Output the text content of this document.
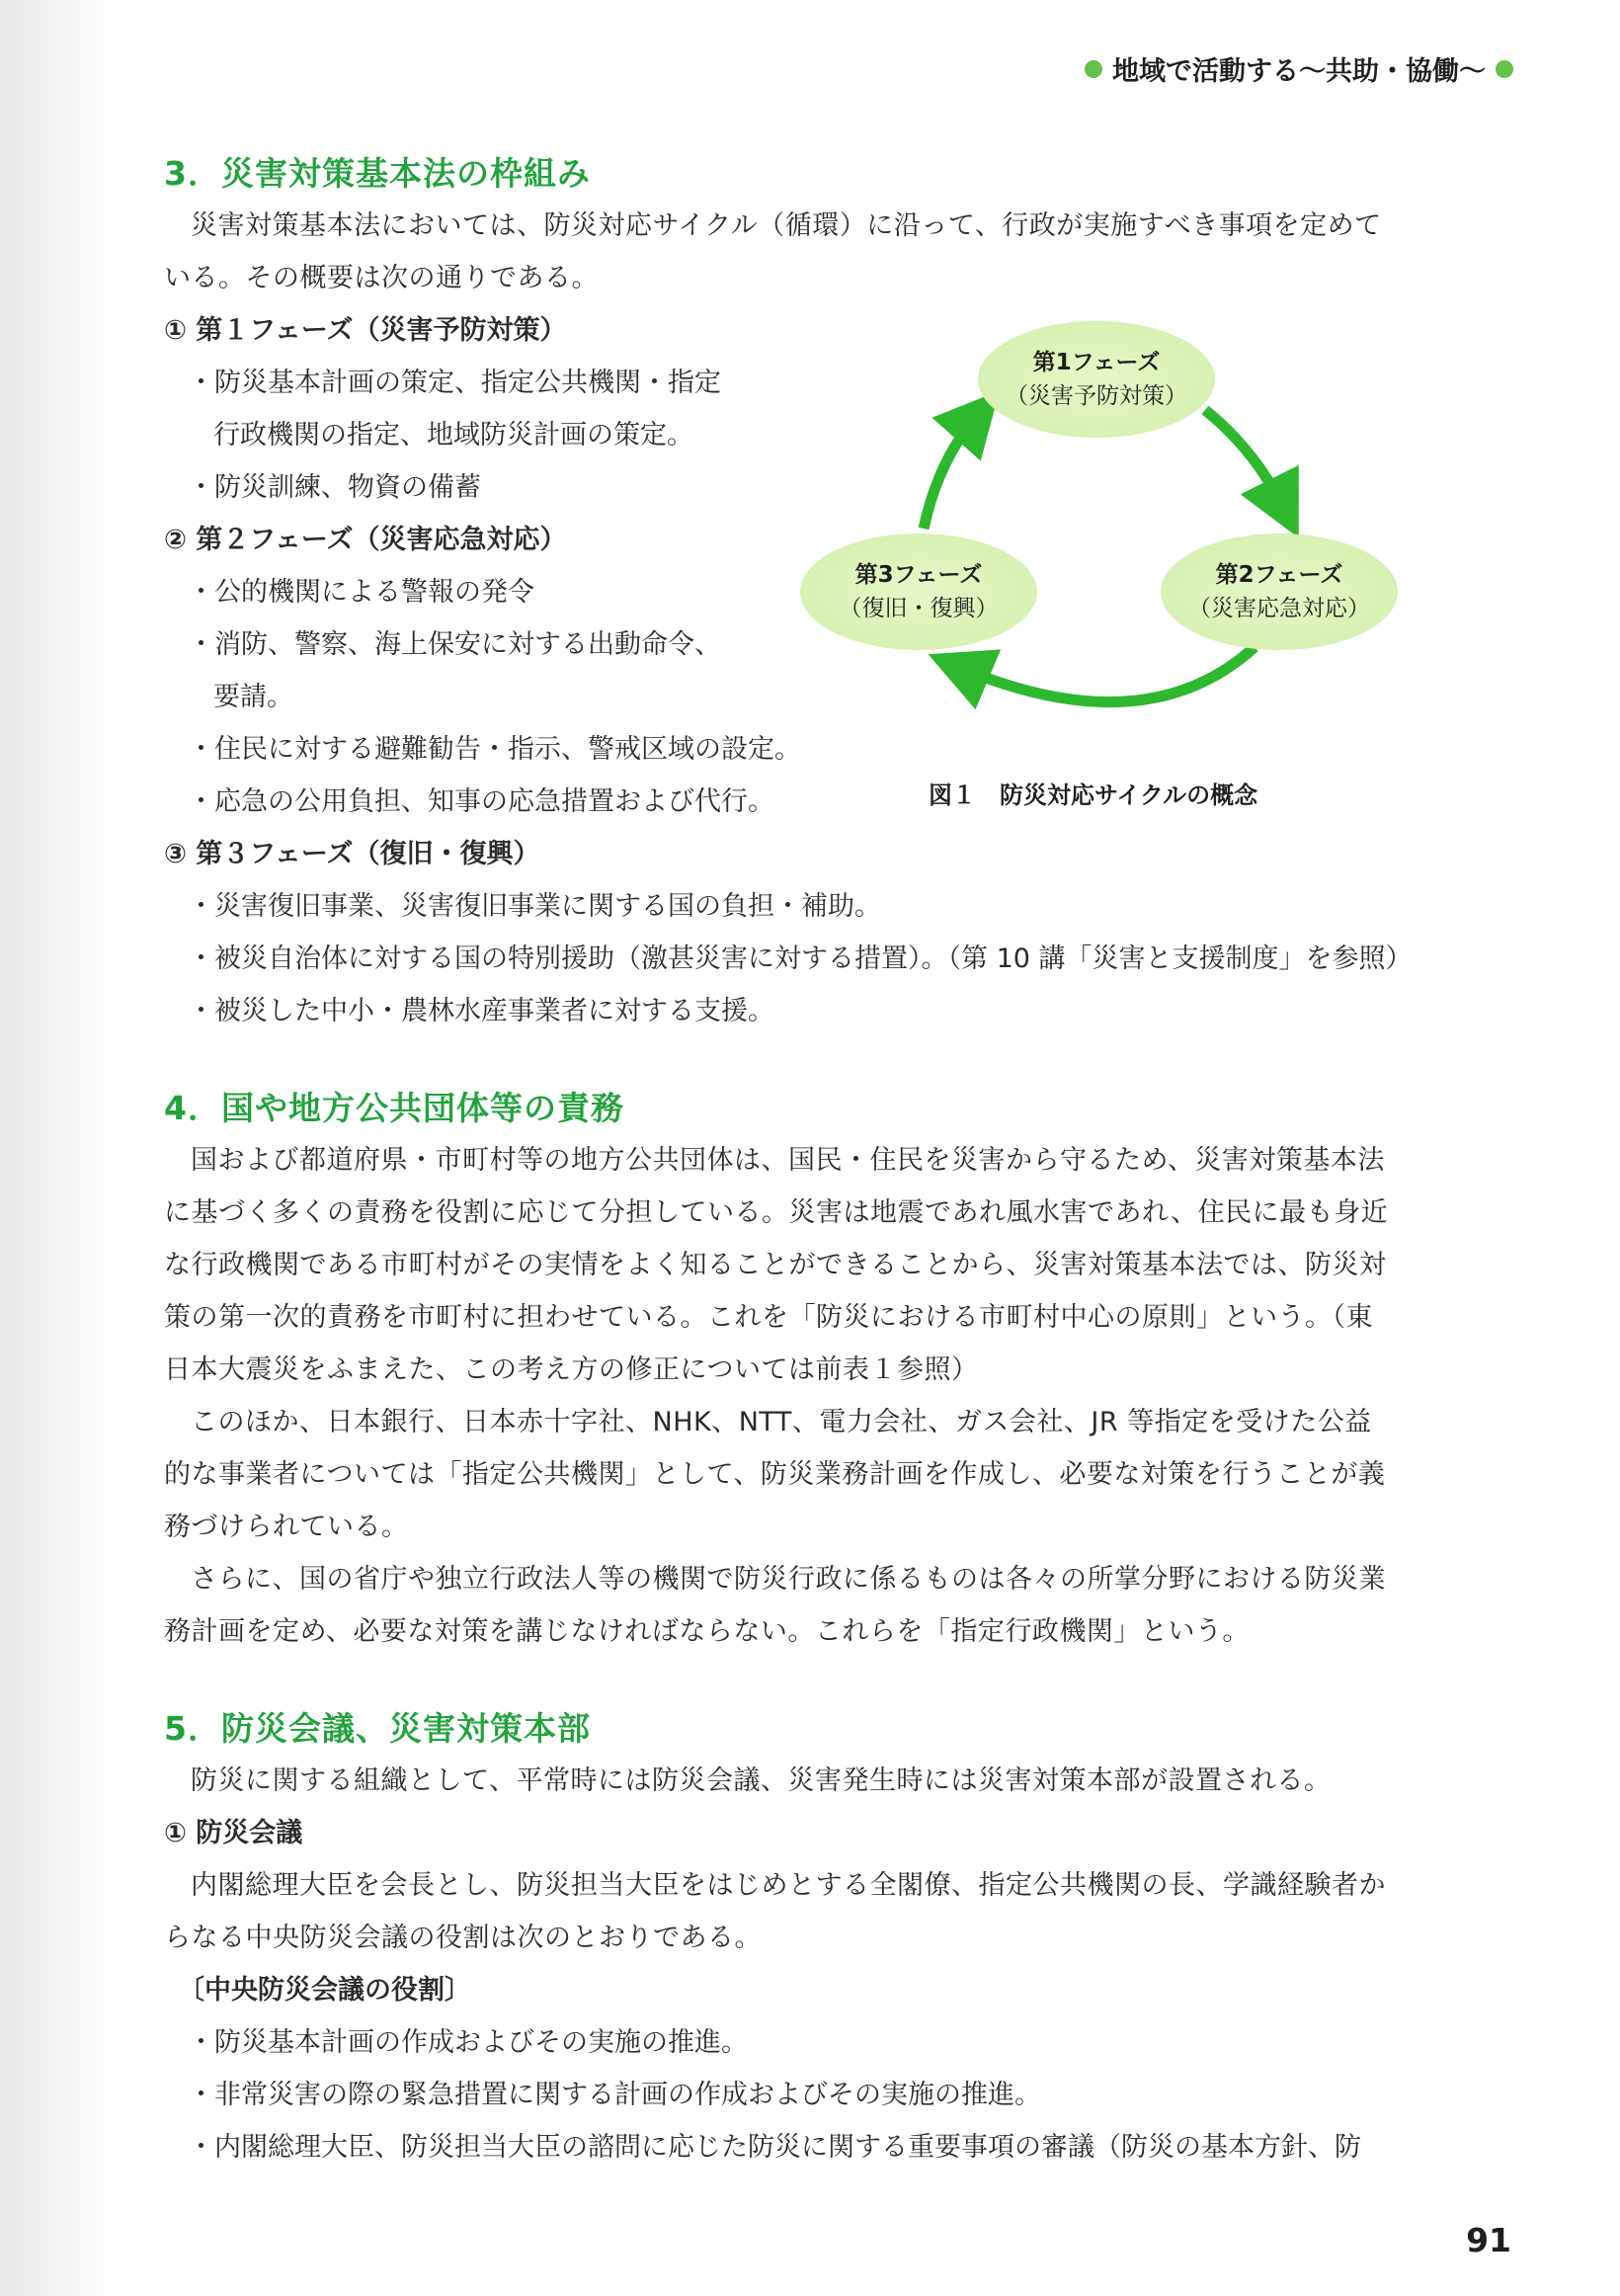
地域で活動する〜共助・協働〜
3．災害対策基本法の枠組み

災害対策基本法においては、防災対応サイクル（循環）に沿って、行政が実施すべき事項を定めて

いる。その概要は次の通りである。

① 第１フェーズ（災害予防対策）

・防災基本計画の策定、指定公共機関・指定

行政機関の指定、地域防災計画の策定。

・防災訓練、物資の備蓄

② 第２フェーズ（災害応急対応）

・公的機関による警報の発令

・消防、警察、海上保安に対する出動命令、

要請。

・住民に対する避難勧告・指示、警戒区域の設定。

・応急の公用負担、知事の応急措置および代行。

③ 第３フェーズ（復旧・復興）

・災害復旧事業、災害復旧事業に関する国の負担・補助。

・被災自治体に対する国の特別援助（激甚災害に対する措置）。（第 10 講「災害と支援制度」を参照）

・被災した中小・農林水産事業者に対する支援。

4．国や地方公共団体等の責務

国および都道府県・市町村等の地方公共団体は、国民・住民を災害から守るため、災害対策基本法

に基づく多くの責務を役割に応じて分担している。災害は地震であれ風水害であれ、住民に最も身近

な行政機関である市町村がその実情をよく知ることができることから、災害対策基本法では、防災対

策の第一次的責務を市町村に担わせている。これを「防災における市町村中心の原則」という。（東

日本大震災をふまえた、この考え方の修正については前表１参照）

このほか、日本銀行、日本赤十字社、NHK、NTT、電力会社、ガス会社、JR 等指定を受けた公益

的な事業者については「指定公共機関」として、防災業務計画を作成し、必要な対策を行うことが義

務づけられている。

さらに、国の省庁や独立行政法人等の機関で防災行政に係るものは各々の所掌分野における防災業

務計画を定め、必要な対策を講じなければならない。これらを「指定行政機関」という。

5．防災会議、災害対策本部

防災に関する組織として、平常時には防災会議、災害発生時には災害対策本部が設置される。

① 防災会議

内閣総理大臣を会長とし、防災担当大臣をはじめとする全閣僚、指定公共機関の長、学識経験者か

らなる中央防災会議の役割は次のとおりである。

〔中央防災会議の役割〕

・防災基本計画の作成およびその実施の推進。

・非常災害の際の緊急措置に関する計画の作成およびその実施の推進。

・内閣総理大臣、防災担当大臣の諮問に応じた防災に関する重要事項の審議（防災の基本方針、防

第1フェーズ
（災害予防対策）
第2フェーズ
（災害応急対応）
第3フェーズ
（復旧・復興）
図１　防災対応サイクルの概念
91
